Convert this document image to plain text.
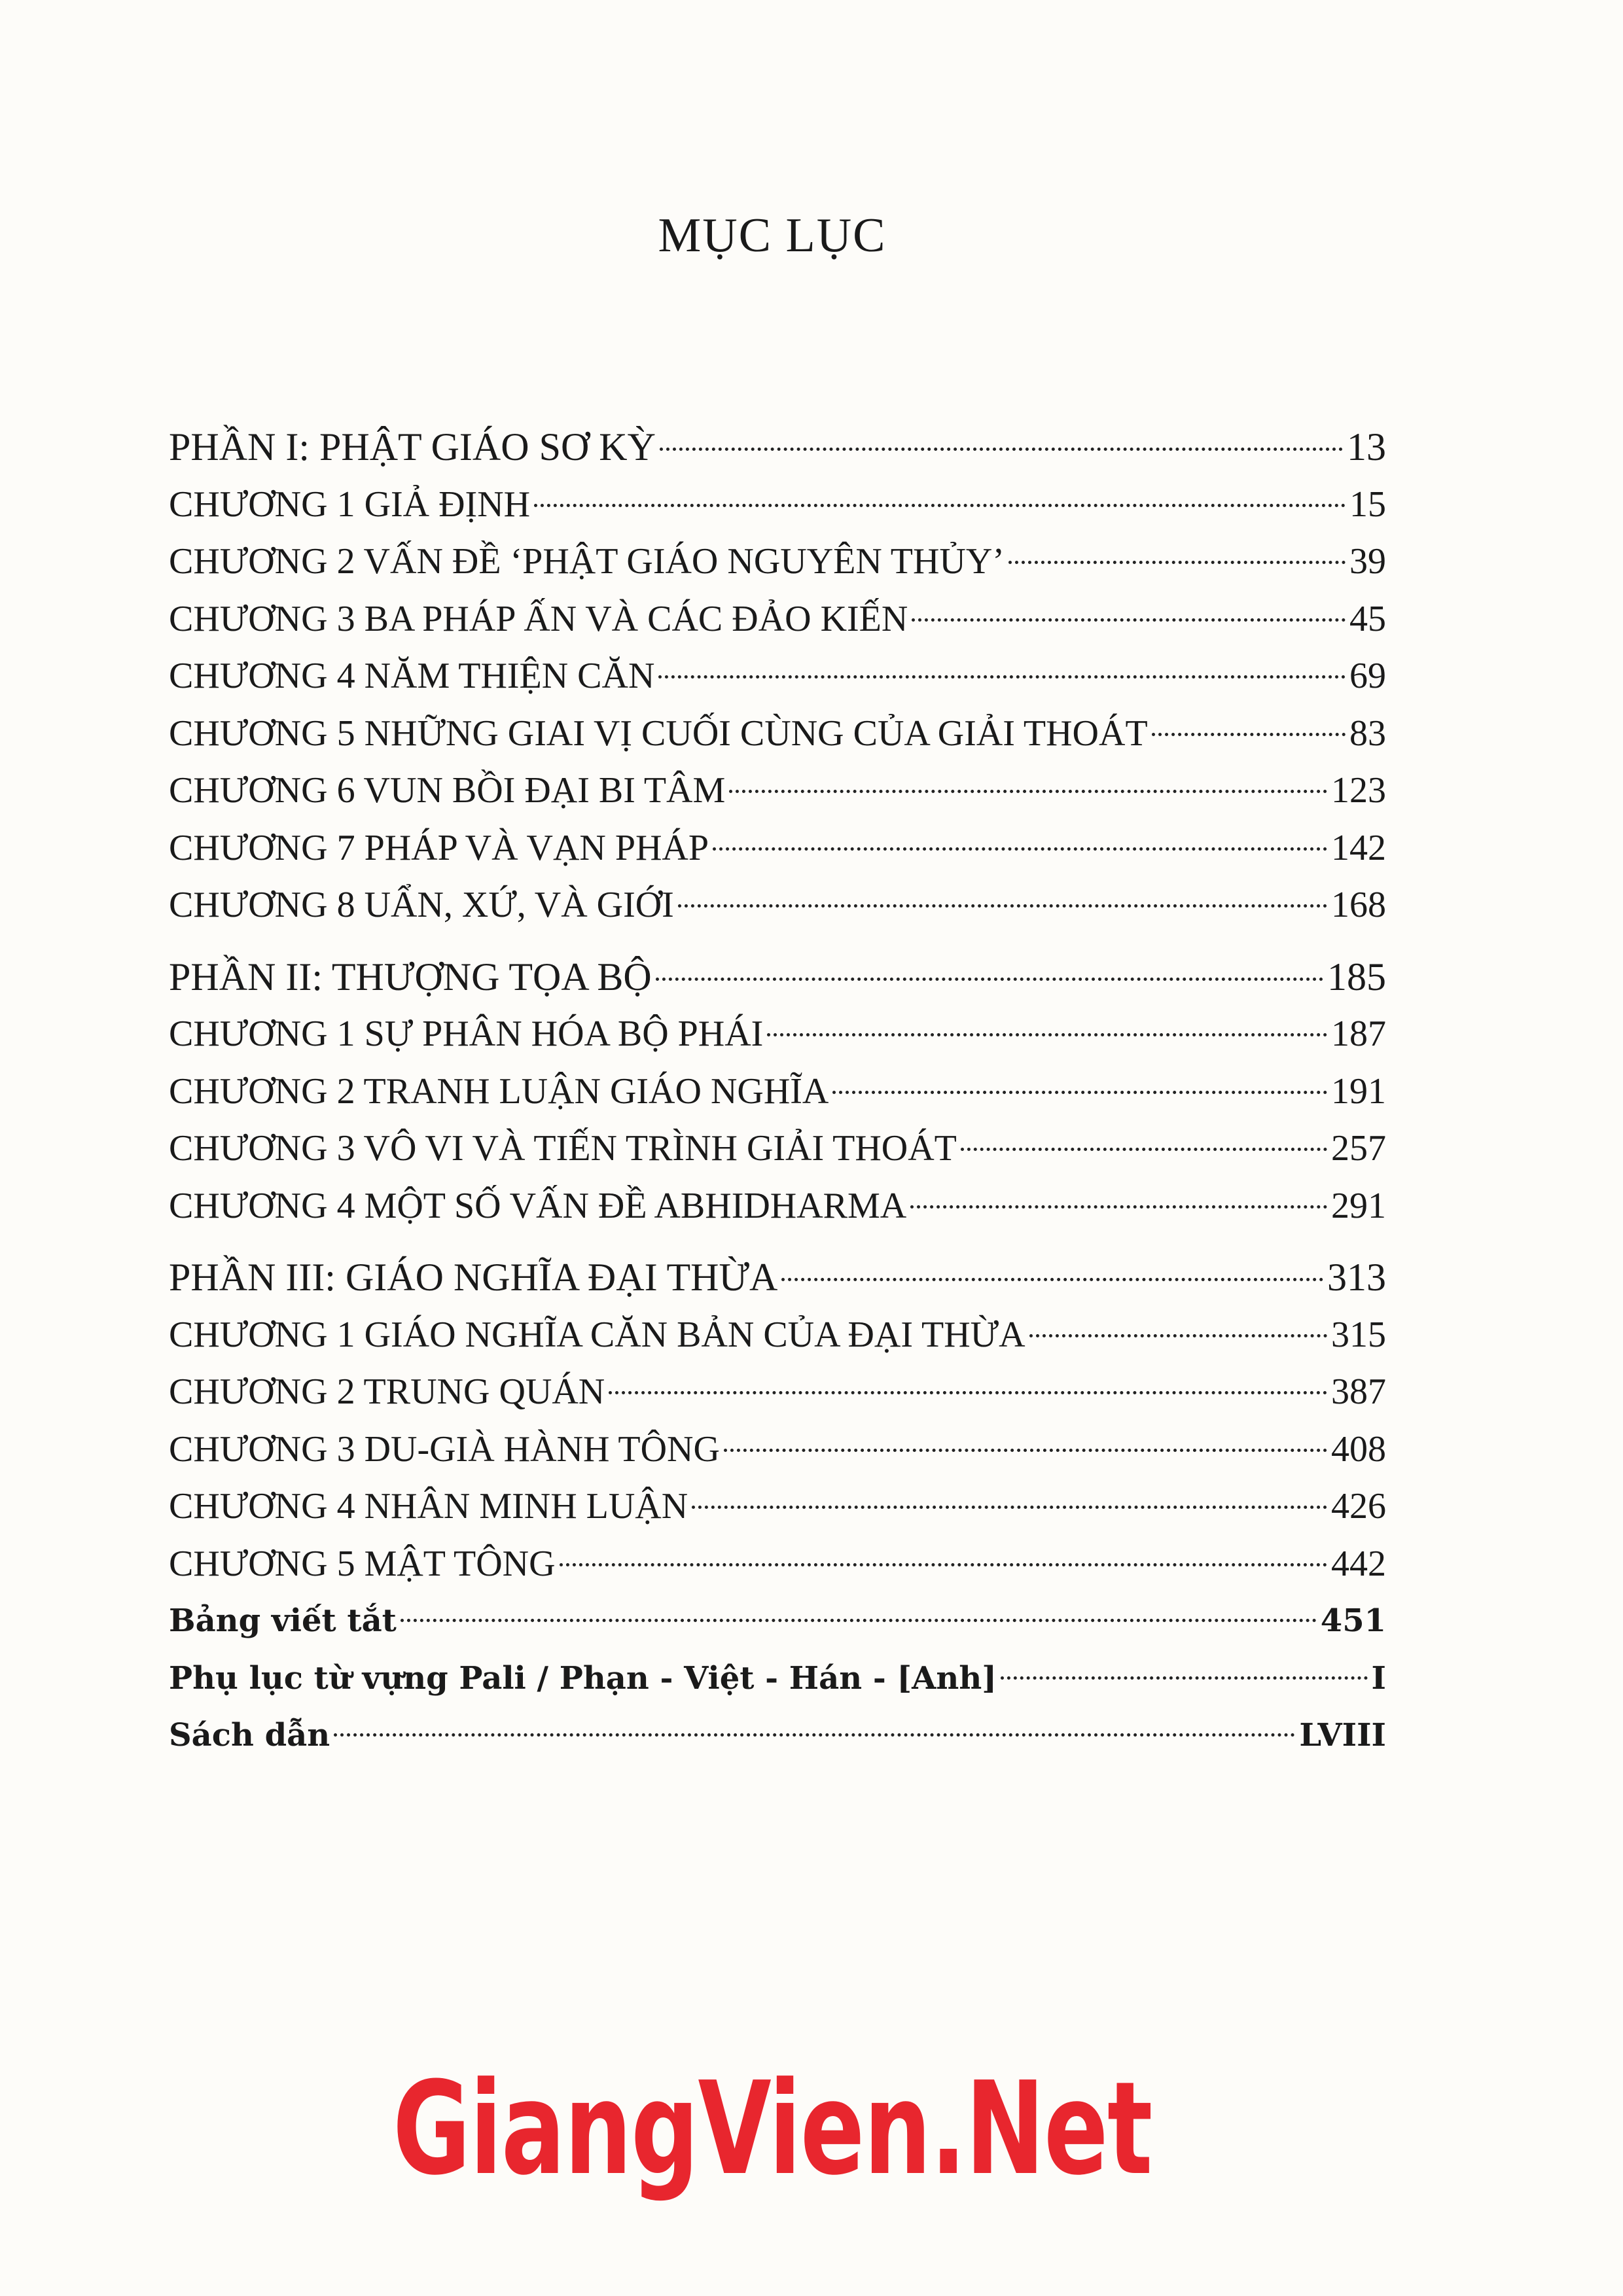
MỤC LỤC
PHẦN I: PHẬT GIÁO SƠ KỲ	13
CHƯƠNG 1 GIẢ ĐỊNH	15
CHƯƠNG 2 VẤN ĐỀ ‘PHẬT GIÁO NGUYÊN THỦY’	39
CHƯƠNG 3 BA PHÁP ẤN VÀ CÁC ĐẢO KIẾN	45
CHƯƠNG 4 NĂM THIỆN CĂN	69
CHƯƠNG 5 NHỮNG GIAI VỊ CUỐI CÙNG CỦA GIẢI THOÁT	83
CHƯƠNG 6 VUN BỒI ĐẠI BI TÂM	123
CHƯƠNG 7 PHÁP VÀ VẠN PHÁP	142
CHƯƠNG 8 UẨN, XỨ, VÀ GIỚI	168
PHẦN II: THƯỢNG TỌA BỘ	185
CHƯƠNG 1 SỰ PHÂN HÓA BỘ PHÁI	187
CHƯƠNG 2 TRANH LUẬN GIÁO NGHĨA	191
CHƯƠNG 3 VÔ VI VÀ TIẾN TRÌNH GIẢI THOÁT	257
CHƯƠNG 4 MỘT SỐ VẤN ĐỀ ABHIDHARMA	291
PHẦN III: GIÁO NGHĨA ĐẠI THỪA	313
CHƯƠNG 1 GIÁO NGHĨA CĂN BẢN CỦA ĐẠI THỪA	315
CHƯƠNG 2 TRUNG QUÁN	387
CHƯƠNG 3 DU-GIÀ HÀNH TÔNG	408
CHƯƠNG 4 NHÂN MINH LUẬN	426
CHƯƠNG 5 MẬT TÔNG	442
Bảng viết tắt	451
Phụ lục từ vựng Pali / Phạn - Việt - Hán - [Anh]	I
Sách dẫn	LVIII
GiangVien.Net
